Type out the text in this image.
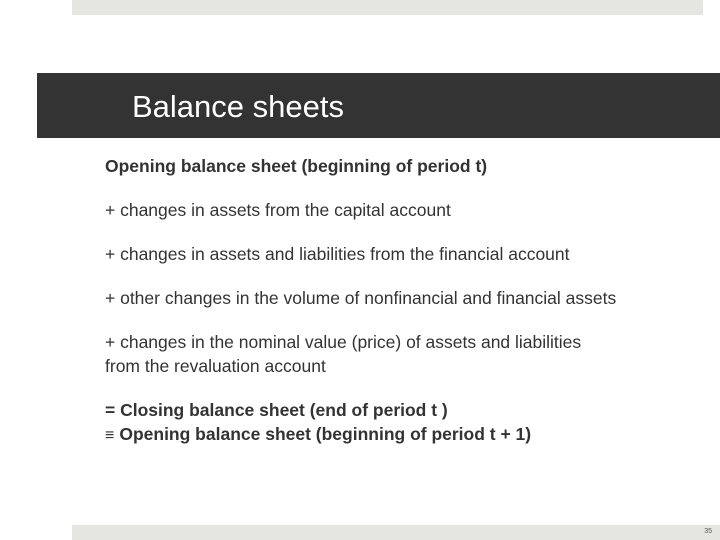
Balance sheets
Opening balance sheet (beginning of period t)
+ changes in assets from the capital account
+ changes in assets and liabilities from the financial account
+ other changes in the volume of nonfinancial and financial assets
+ changes in the nominal value (price) of assets and liabilities
from the revaluation account
= Closing balance sheet (end of period t )
≡ Opening balance sheet (beginning of period t + 1)
35
